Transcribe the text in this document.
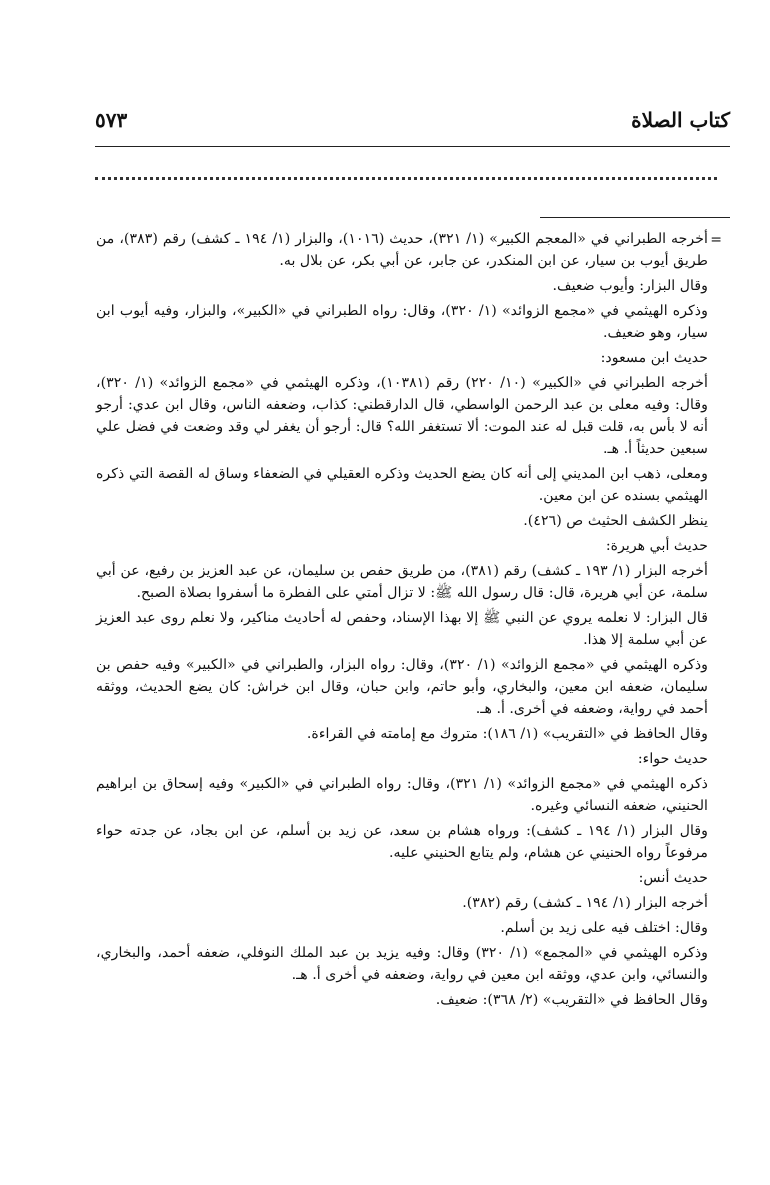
كتاب الصلاة
٥٧٣
=

أخرجه الطبراني في «المعجم الكبير» (١/ ٣٢١)، حديث (١٠١٦)، والبزار (١/ ١٩٤ ـ كشف) رقم (٣٨٣)، من طريق أيوب بن سيار، عن ابن المنكدر، عن جابر، عن أبي بكر، عن بلال به.

وقال البزار: وأيوب ضعيف.

وذكره الهيثمي في «مجمع الزوائد» (١/ ٣٢٠)، وقال: رواه الطبراني في «الكبير»، والبزار، وفيه أيوب ابن سيار، وهو ضعيف.

حديث ابن مسعود:

أخرجه الطبراني في «الكبير» (١٠/ ٢٢٠) رقم (١٠٣٨١)، وذكره الهيثمي في «مجمع الزوائد» (١/ ٣٢٠)، وقال: وفيه معلى بن عبد الرحمن الواسطي، قال الدارقطني: كذاب، وضعفه الناس، وقال ابن عدي: أرجو أنه لا بأس به، قلت قبل له عند الموت: ألا تستغفر الله؟ قال: أرجو أن يغفر لي وقد وضعت في فضل علي سبعين حديثاً أ. هـ.

ومعلى، ذهب ابن المديني إلى أنه كان يضع الحديث وذكره العقيلي في الضعفاء وساق له القصة التي ذكره الهيثمي بسنده عن ابن معين.

ينظر الكشف الحثيث ص (٤٢٦).

حديث أبي هريرة:

أخرجه البزار (١/ ١٩٣ ـ كشف) رقم (٣٨١)، من طريق حفص بن سليمان، عن عبد العزيز بن رفيع، عن أبي سلمة، عن أبي هريرة، قال: قال رسول الله ﷺ: لا تزال أمتي على الفطرة ما أسفروا بصلاة الصبح.

قال البزار: لا نعلمه يروي عن النبي ﷺ إلا بهذا الإسناد، وحفص له أحاديث مناكير، ولا نعلم روى عبد العزيز عن أبي سلمة إلا هذا.

وذكره الهيثمي في «مجمع الزوائد» (١/ ٣٢٠)، وقال: رواه البزار، والطبراني في «الكبير» وفيه حفص بن سليمان، ضعفه ابن معين، والبخاري، وأبو حاتم، وابن حبان، وقال ابن خراش: كان يضع الحديث، ووثقه أحمد في رواية، وضعفه في أخرى. أ. هـ.

وقال الحافظ في «التقريب» (١/ ١٨٦): متروك مع إمامته في القراءة.

حديث حواء:

ذكره الهيثمي في «مجمع الزوائد» (١/ ٣٢١)، وقال: رواه الطبراني في «الكبير» وفيه إسحاق بن ابراهيم الحنيني، ضعفه النسائي وغيره.

وقال البزار (١/ ١٩٤ ـ كشف): ورواه هشام بن سعد، عن زيد بن أسلم، عن ابن بجاد، عن جدته حواء مرفوعاً رواه الحنيني عن هشام، ولم يتابع الحنيني عليه.

حديث أنس:

أخرجه البزار (١/ ١٩٤ ـ كشف) رقم (٣٨٢).

وقال: اختلف فيه على زيد بن أسلم.

وذكره الهيثمي في «المجمع» (١/ ٣٢٠) وقال: وفيه يزيد بن عبد الملك النوفلي، ضعفه أحمد، والبخاري، والنسائي، وابن عدي، ووثقه ابن معين في رواية، وضعفه في أخرى أ. هـ.

وقال الحافظ في «التقريب» (٢/ ٣٦٨): ضعيف.
